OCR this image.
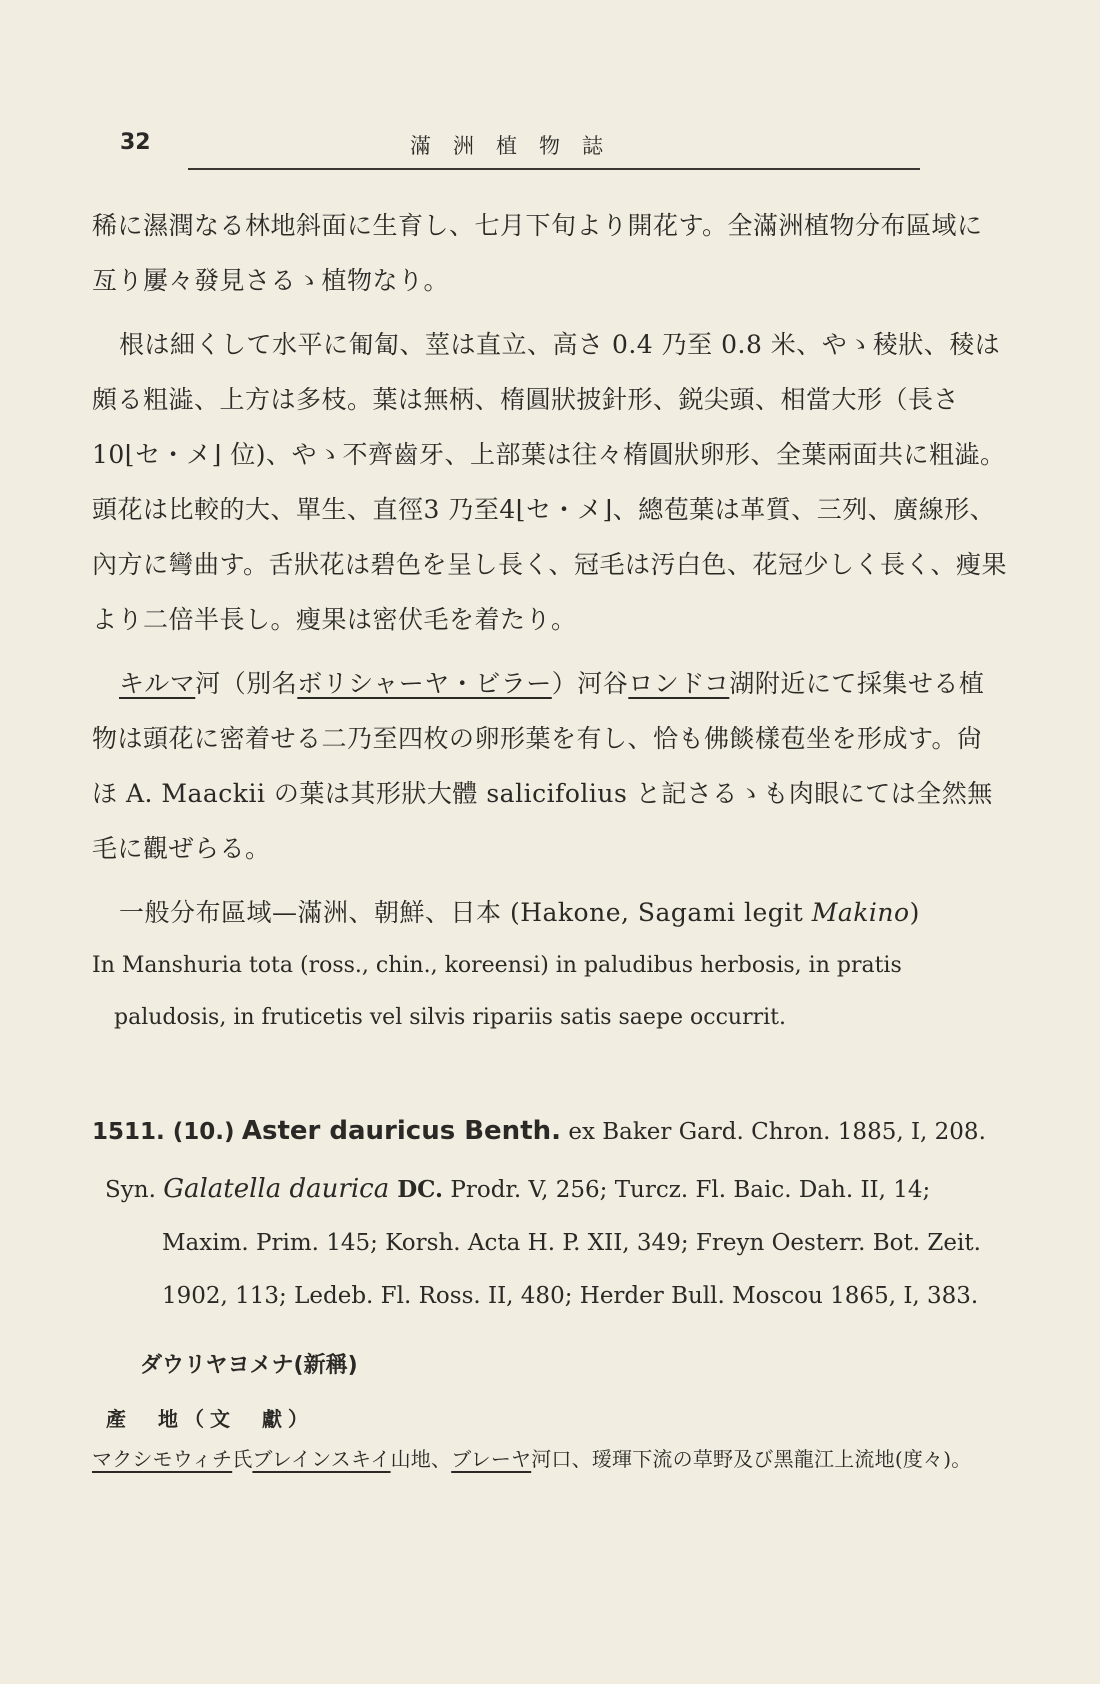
32	滿洲植物誌

稀に濕潤なる林地斜面に生育し、七月下旬より開花す。全滿洲植物分布區域に亙り屢々發見さるゝ植物なり。

根は細くして水平に匍匐、莖は直立、高さ 0.4 乃至 0.8 米、やゝ稜狀、稜は頗る粗澁、上方は多枝。葉は無柄、楕圓狀披針形、鋭尖頭、相當大形（長さ10⌊セ・メ⌋ 位)、やゝ不齊齒牙、上部葉は往々楕圓狀卵形、全葉兩面共に粗澁。頭花は比較的大、單生、直徑3 乃至4⌊セ・メ⌋、總苞葉は革質、三列、廣線形、內方に彎曲す。舌狀花は碧色を呈し長く、冠毛は汚白色、花冠少しく長く、瘦果より二倍半長し。瘦果は密伏毛を着たり。

キルマ河（別名ボリシャーヤ・ビラー）河谷ロンドコ湖附近にて採集せる植物は頭花に密着せる二乃至四枚の卵形葉を有し、恰も佛餤樣苞坐を形成す。尙ほ A. Maackii の葉は其形狀大體 salicifolius と記さるゝも肉眼にては全然無毛に觀ぜらる。

一般分布區域—滿洲、朝鮮、日本 (Hakone, Sagami legit Makino)

In Manshuria tota (ross., chin., koreensi) in paludibus herbosis, in pratis paludosis, in fruticetis vel silvis ripariis satis saepe occurrit.

1511. (10.) Aster dauricus Benth. ex Baker Gard. Chron. 1885, I, 208.

Syn. Galatella daurica DC. Prodr. V, 256; Turcz. Fl. Baic. Dah. II, 14; Maxim. Prim. 145; Korsh. Acta H. P. XII, 349; Freyn Oesterr. Bot. Zeit. 1902, 113; Ledeb. Fl. Ross. II, 480; Herder Bull. Moscou 1865, I, 383.

ダウリヤヨメナ(新稱)

產　地（文　獻）

マクシモウィチ氏ブレインスキイ山地、ブレーヤ河口、瑷琿下流の草野及び黑龍江上流地(度々)。
